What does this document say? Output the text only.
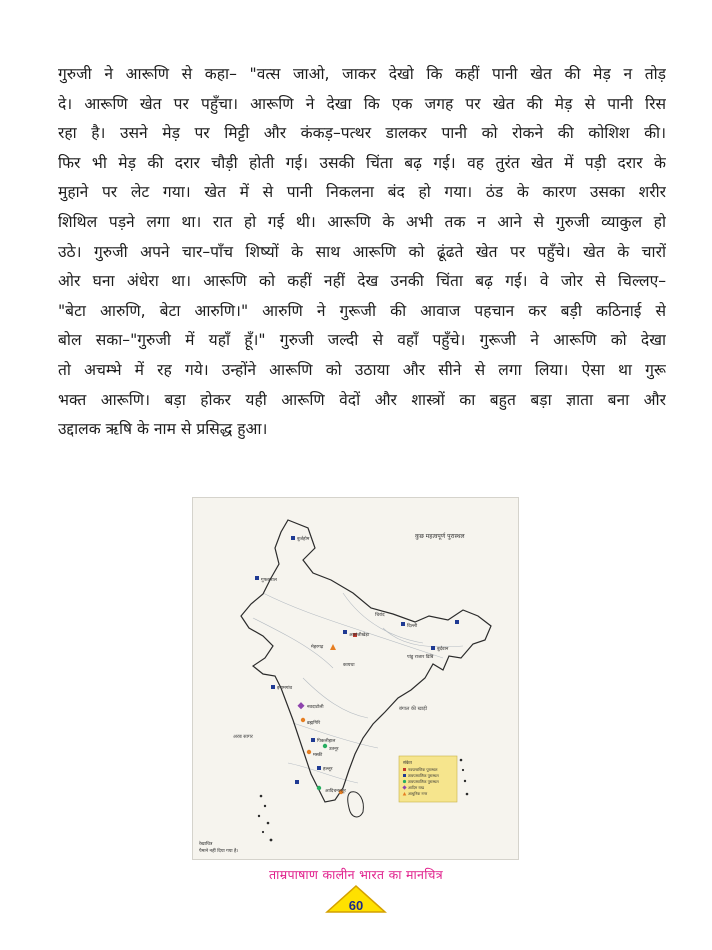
गुरुजी ने आरूणि से कहा– "वत्स जाओ, जाकर देखो कि कहीं पानी खेत की मेड़ न तोड़
दे। आरूणि खेत पर पहुँचा। आरूणि ने देखा कि एक जगह पर खेत की मेड़ से पानी रिस
रहा है। उसने मेड़ पर मिट्टी और कंकड़–पत्थर डालकर पानी को रोकने की कोशिश की।
फिर भी मेड़ की दरार चौड़ी होती गई। उसकी चिंता बढ़ गई। वह तुरंत खेत में पड़ी दरार के
मुहाने पर लेट गया। खेत में से पानी निकलना बंद हो गया। ठंड के कारण उसका शरीर
शिथिल पड़ने लगा था। रात हो गई थी। आरूणि के अभी तक न आने से गुरुजी व्याकुल हो
उठे। गुरुजी अपने चार–पाँच शिष्यों के साथ आरूणि को ढूंढते खेत पर पहुँचे। खेत के चारों
ओर घना अंधेरा था। आरूणि को कहीं नहीं देख उनकी चिंता बढ़ गई। वे जोर से चिल्लए–
"बेटा आरुणि, बेटा आरुणि।" आरुणि ने गुरूजी की आवाज पहचान कर बड़ी कठिनाई से
बोल सका–"गुरुजी में यहाँ हूँ।" गुरुजी जल्दी से वहाँ पहुँचे। गुरूजी ने आरूणि को देखा
तो अचम्भे में रह गये। उन्होंने आरूणि को उठाया और सीने से लगा लिया। ऐसा था गुरू
भक्त आरूणि। बड़ा होकर यही आरूणि वेदों और शास्त्रों का बहुत बड़ा ज्ञाता बना और
उद्दालक ऋषि के नाम से प्रसिद्ध हुआ।
बुर्जहोम
गुफकराल
दिल्ली
अतरंजीखेड़ा
मेहरगढ़
कायथा
बुर्दवान
इनामगांव
नवदाटोली
ब्रह्मगिरि
पिकलीहाल
उतनूर
मस्की
हल्लूर
आदिचनल्लूर
चिरांद
पांडु राजार ढिबि
कुछ महत्वपूर्ण पुरास्थल
अरब सागर
बंगाल की खाड़ी
संकेत
नवपाषाणिक पुरास्थल
ताम्रपाषाणिक पुरास्थल
ताम्रपाषाणिक पुरास्थल
आदिम राख
आधुनिक नगर
रेखाचित्र
पैमाने नहीं दिया गया है।
ताम्रपाषाण कालीन भारत का मानचित्र
60
